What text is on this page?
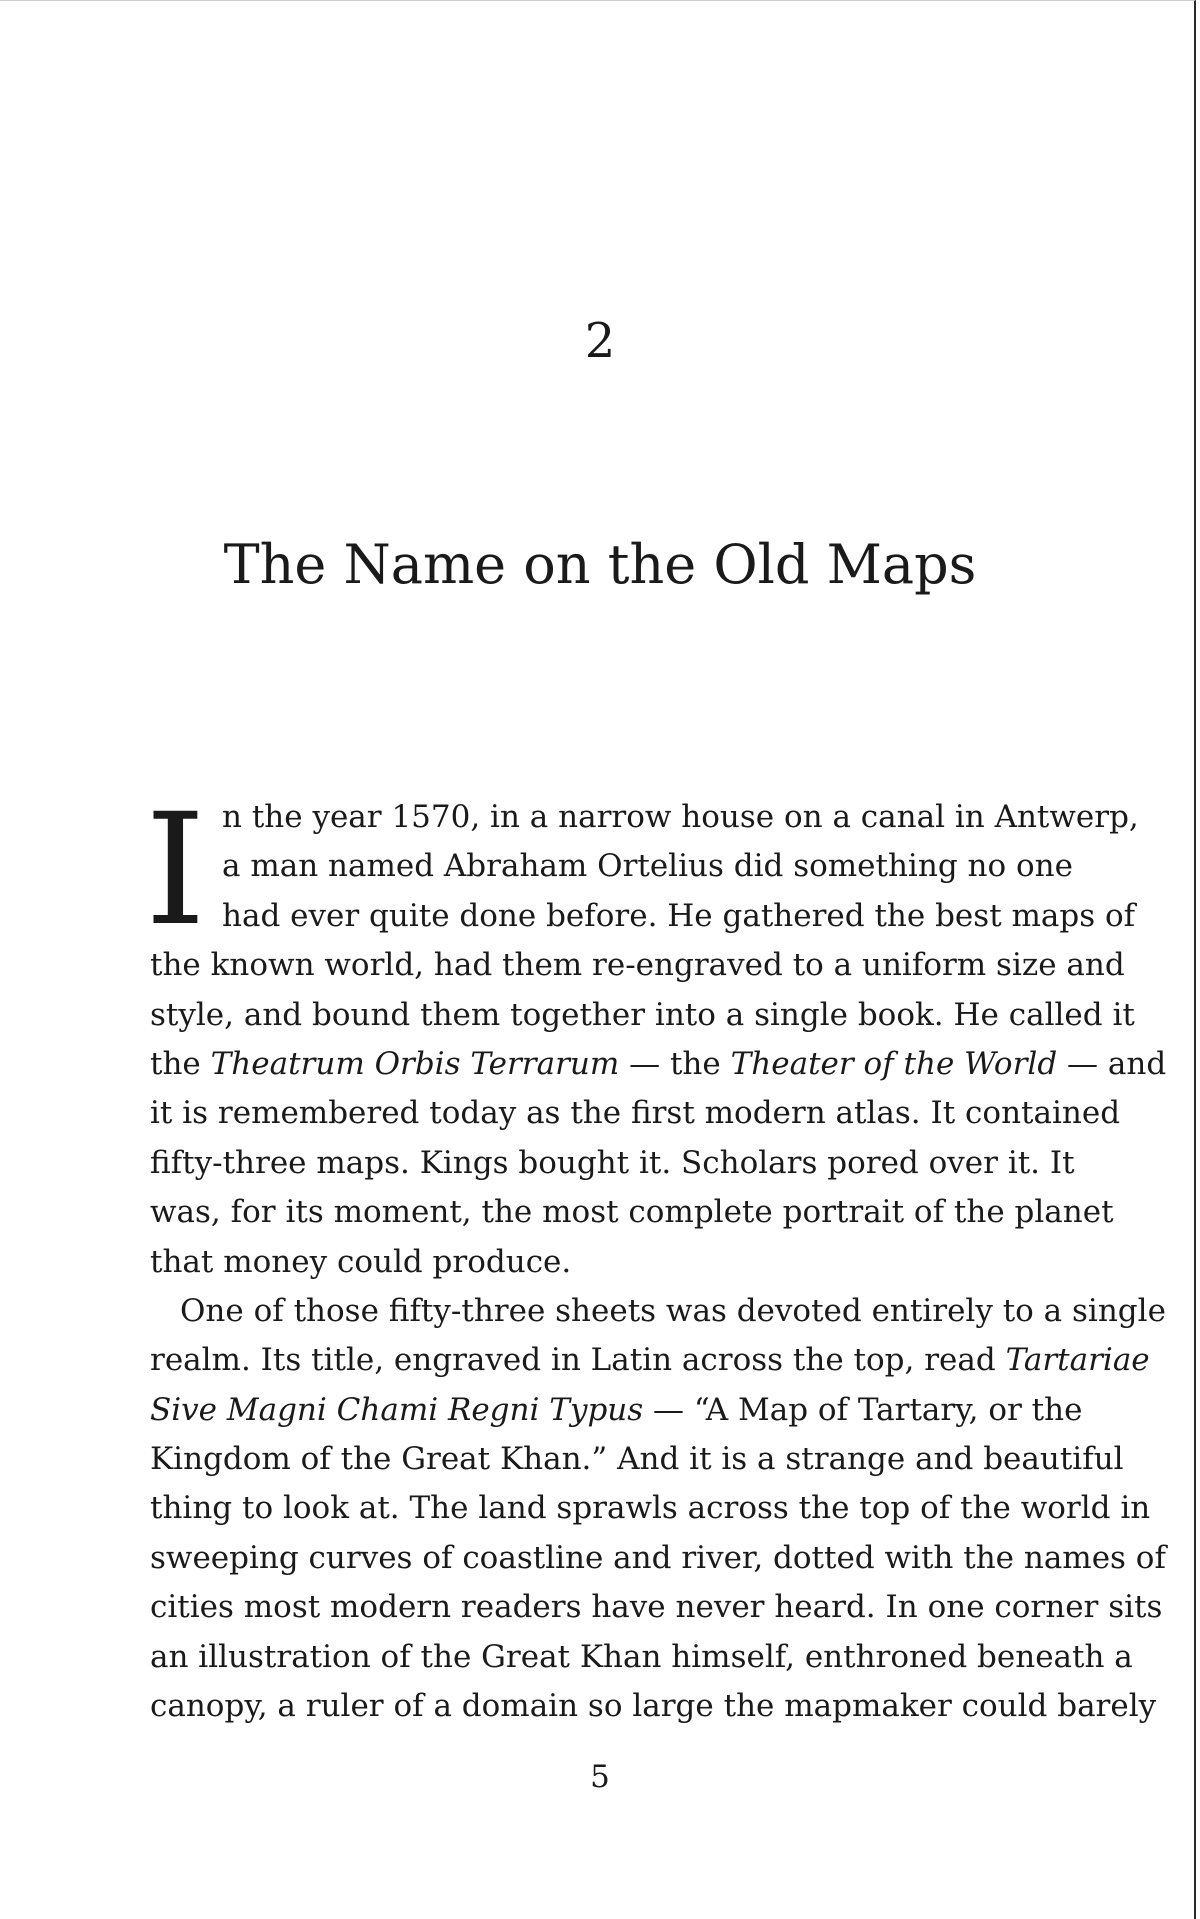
2
The Name on the Old Maps
I n the year 1570, in a narrow house on a canal in Antwerp,
a man named Abraham Ortelius did something no one
had ever quite done before. He gathered the best maps of
the known world, had them re-engraved to a uniform size and
style, and bound them together into a single book. He called it
the Theatrum Orbis Terrarum — the Theater of the World — and
it is remembered today as the first modern atlas. It contained
fifty-three maps. Kings bought it. Scholars pored over it. It
was, for its moment, the most complete portrait of the planet
that money could produce.
One of those fifty-three sheets was devoted entirely to a single
realm. Its title, engraved in Latin across the top, read Tartariae
Sive Magni Chami Regni Typus — “A Map of Tartary, or the
Kingdom of the Great Khan.” And it is a strange and beautiful
thing to look at. The land sprawls across the top of the world in
sweeping curves of coastline and river, dotted with the names of
cities most modern readers have never heard. In one corner sits
an illustration of the Great Khan himself, enthroned beneath a
canopy, a ruler of a domain so large the mapmaker could barely
5
